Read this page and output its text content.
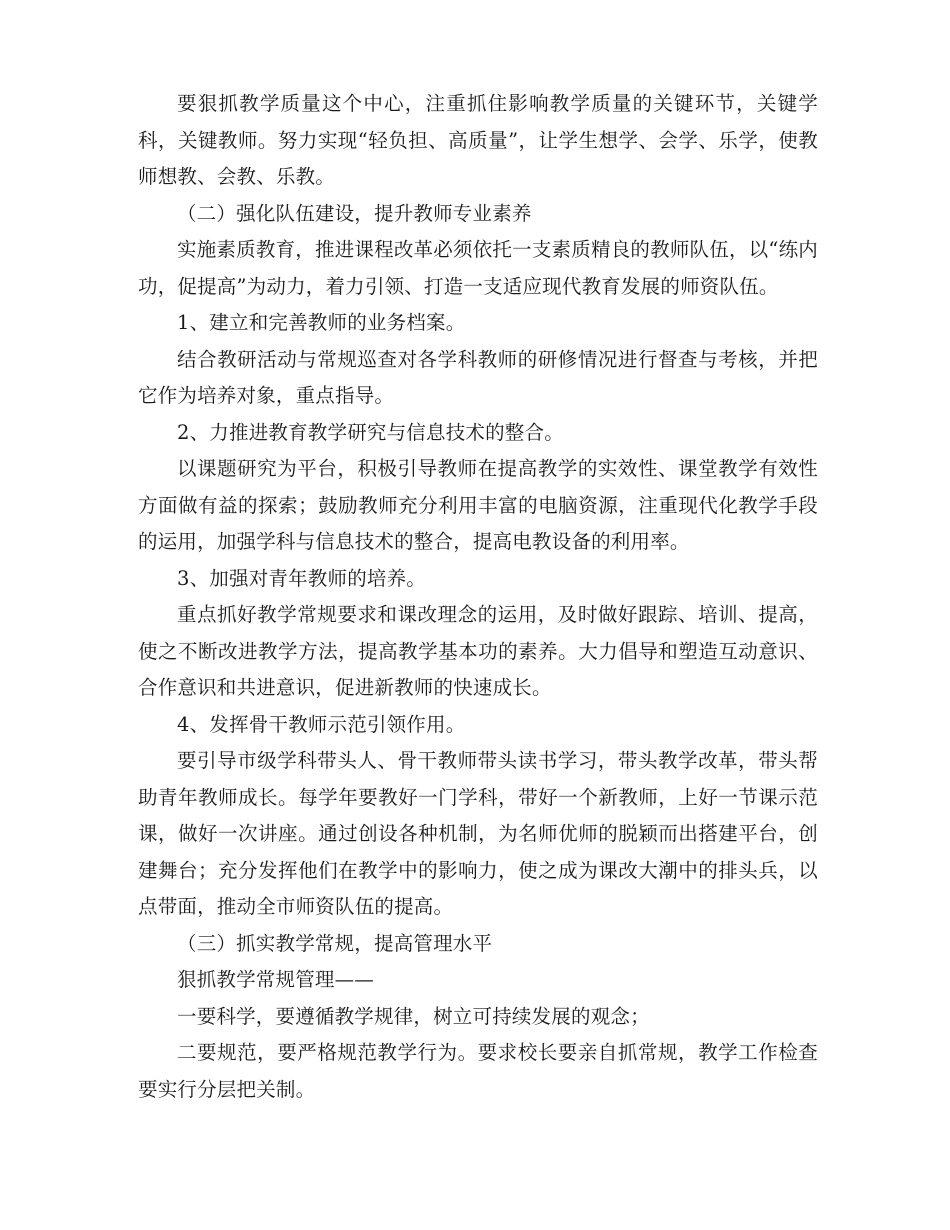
要狠抓教学质量这个中心，注重抓住影响教学质量的关键环节，关键学科，关键教师。努力实现“轻负担、高质量”，让学生想学、会学、乐学，使教师想教、会教、乐教。

（二）强化队伍建设，提升教师专业素养

实施素质教育，推进课程改革必须依托一支素质精良的教师队伍，以“练内功，促提高”为动力，着力引领、打造一支适应现代教育发展的师资队伍。

1、建立和完善教师的业务档案。

结合教研活动与常规巡查对各学科教师的研修情况进行督查与考核，并把它作为培养对象，重点指导。

2、力推进教育教学研究与信息技术的整合。

以课题研究为平台，积极引导教师在提高教学的实效性、课堂教学有效性方面做有益的探索；鼓励教师充分利用丰富的电脑资源，注重现代化教学手段的运用，加强学科与信息技术的整合，提高电教设备的利用率。

3、加强对青年教师的培养。

重点抓好教学常规要求和课改理念的运用，及时做好跟踪、培训、提高，使之不断改进教学方法，提高教学基本功的素养。大力倡导和塑造互动意识、合作意识和共进意识，促进新教师的快速成长。

4、发挥骨干教师示范引领作用。

要引导市级学科带头人、骨干教师带头读书学习，带头教学改革，带头帮助青年教师成长。每学年要教好一门学科，带好一个新教师，上好一节课示范课，做好一次讲座。通过创设各种机制，为名师优师的脱颖而出搭建平台，创建舞台；充分发挥他们在教学中的影响力，使之成为课改大潮中的排头兵，以点带面，推动全市师资队伍的提高。

（三）抓实教学常规，提高管理水平

狠抓教学常规管理——

一要科学，要遵循教学规律，树立可持续发展的观念；

二要规范，要严格规范教学行为。要求校长要亲自抓常规，教学工作检查要实行分层把关制。
